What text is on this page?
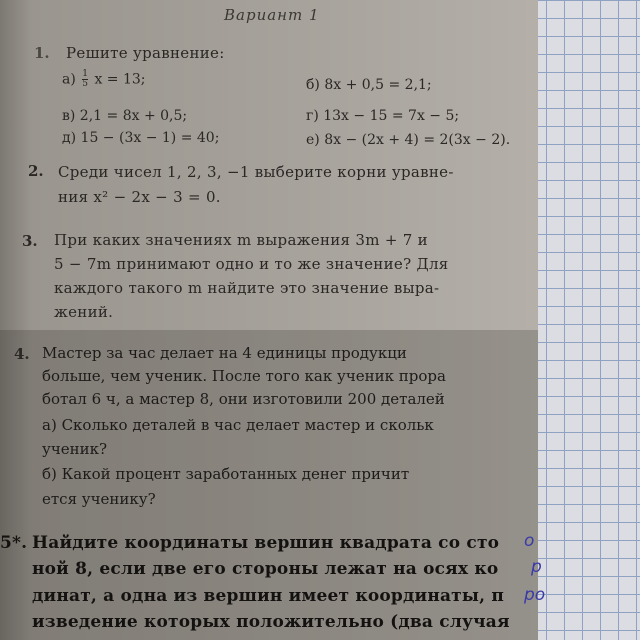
Вариант 1
1. Решите уравнение:
$а) \frac{1}{5}$ x = 13;	б) 8x + 0,5 = 2,1;
в) 2,1 = 8x + 0,5;	г) 13x − 15 = 7x − 5;
д) 15 − (3x − 1) = 40;	е) 8x − (2x + 4) = 2(3x − 2).
2. Среди чисел 1, 2, 3, −1 выберите корни уравне-
ния x² − 2x − 3 = 0.
3. При каких значениях m выражения 3m + 7 и
5 − 7m принимают одно и то же значение? Для
каждого такого m найдите это значение выра-
жений.
4. Мастер за час делает на 4 единицы продукци
больше, чем ученик. После того как ученик прора
ботал 6 ч, а мастер 8, они изготовили 200 деталей
а) Сколько деталей в час делает мастер и скольк
ученик?
б) Какой процент заработанных денег причит
ется ученику?
5*. Найдите координаты вершин квадрата со сто
ной 8, если две его стороны лежат на осях ко
динат, а одна из вершин имеет координаты, п
изведение которых положительно (два случая
о
р
ро
